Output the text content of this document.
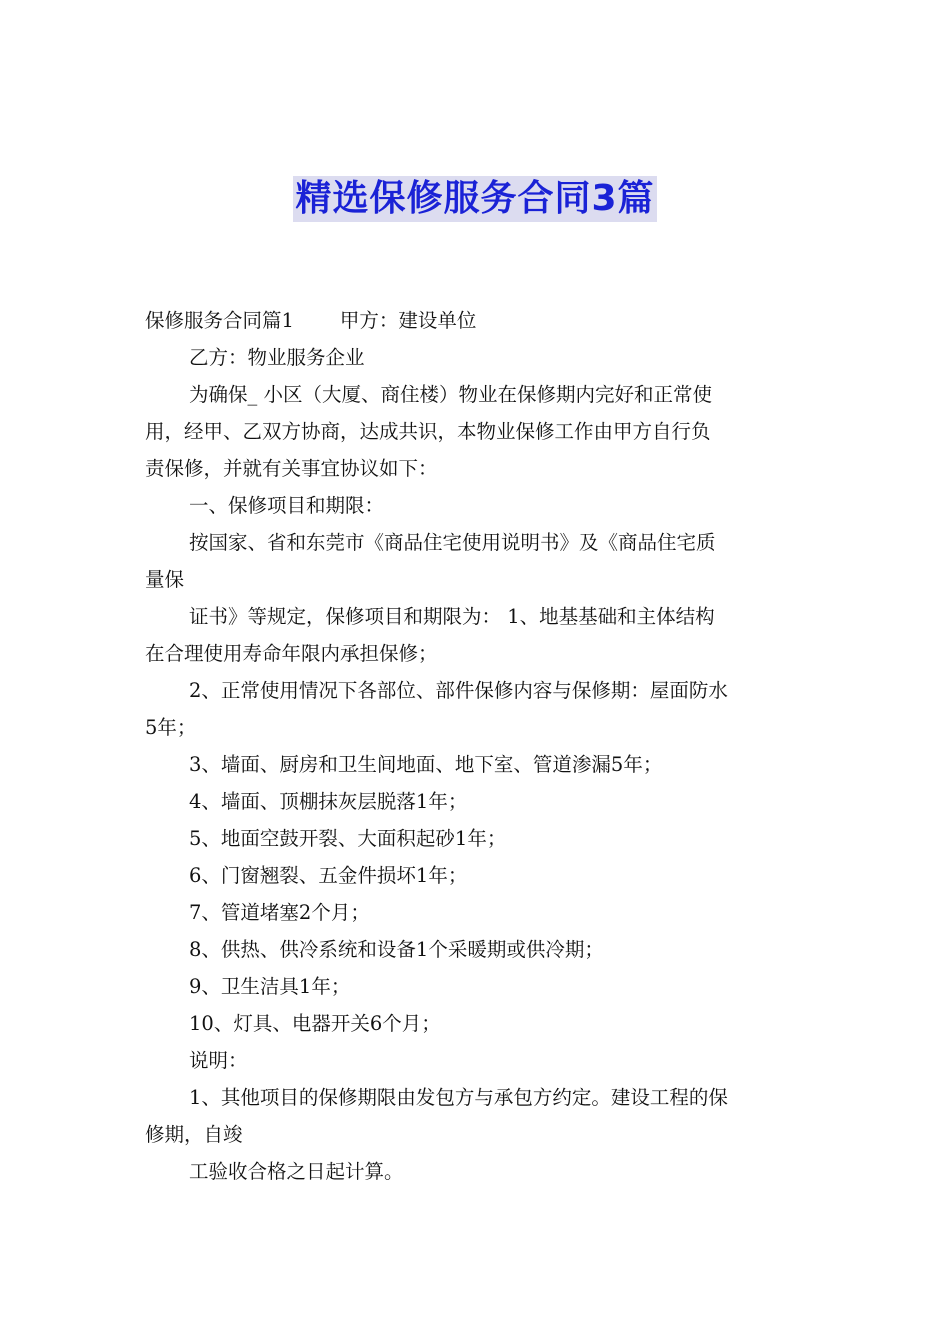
精选保修服务合同3篇
保修服务合同篇1 甲方：建设单位
乙方：物业服务企业
为确保_ 小区（大厦、商住楼）物业在保修期内完好和正常使
用，经甲、乙双方协商，达成共识，本物业保修工作由甲方自行负
责保修，并就有关事宜协议如下：
一、保修项目和期限：
按国家、省和东莞市《商品住宅使用说明书》及《商品住宅质
量保
证书》等规定，保修项目和期限为： 1、地基基础和主体结构
在合理使用寿命年限内承担保修；
2、正常使用情况下各部位、部件保修内容与保修期：屋面防水
5年；
3、墙面、厨房和卫生间地面、地下室、管道渗漏5年；
4、墙面、顶棚抹灰层脱落1年；
5、地面空鼓开裂、大面积起砂1年；
6、门窗翘裂、五金件损坏1年；
7、管道堵塞2个月；
8、供热、供冷系统和设备1个采暖期或供冷期；
9、卫生洁具1年；
10、灯具、电器开关6个月；
说明：
1、其他项目的保修期限由发包方与承包方约定。建设工程的保
修期，自竣
工验收合格之日起计算。
